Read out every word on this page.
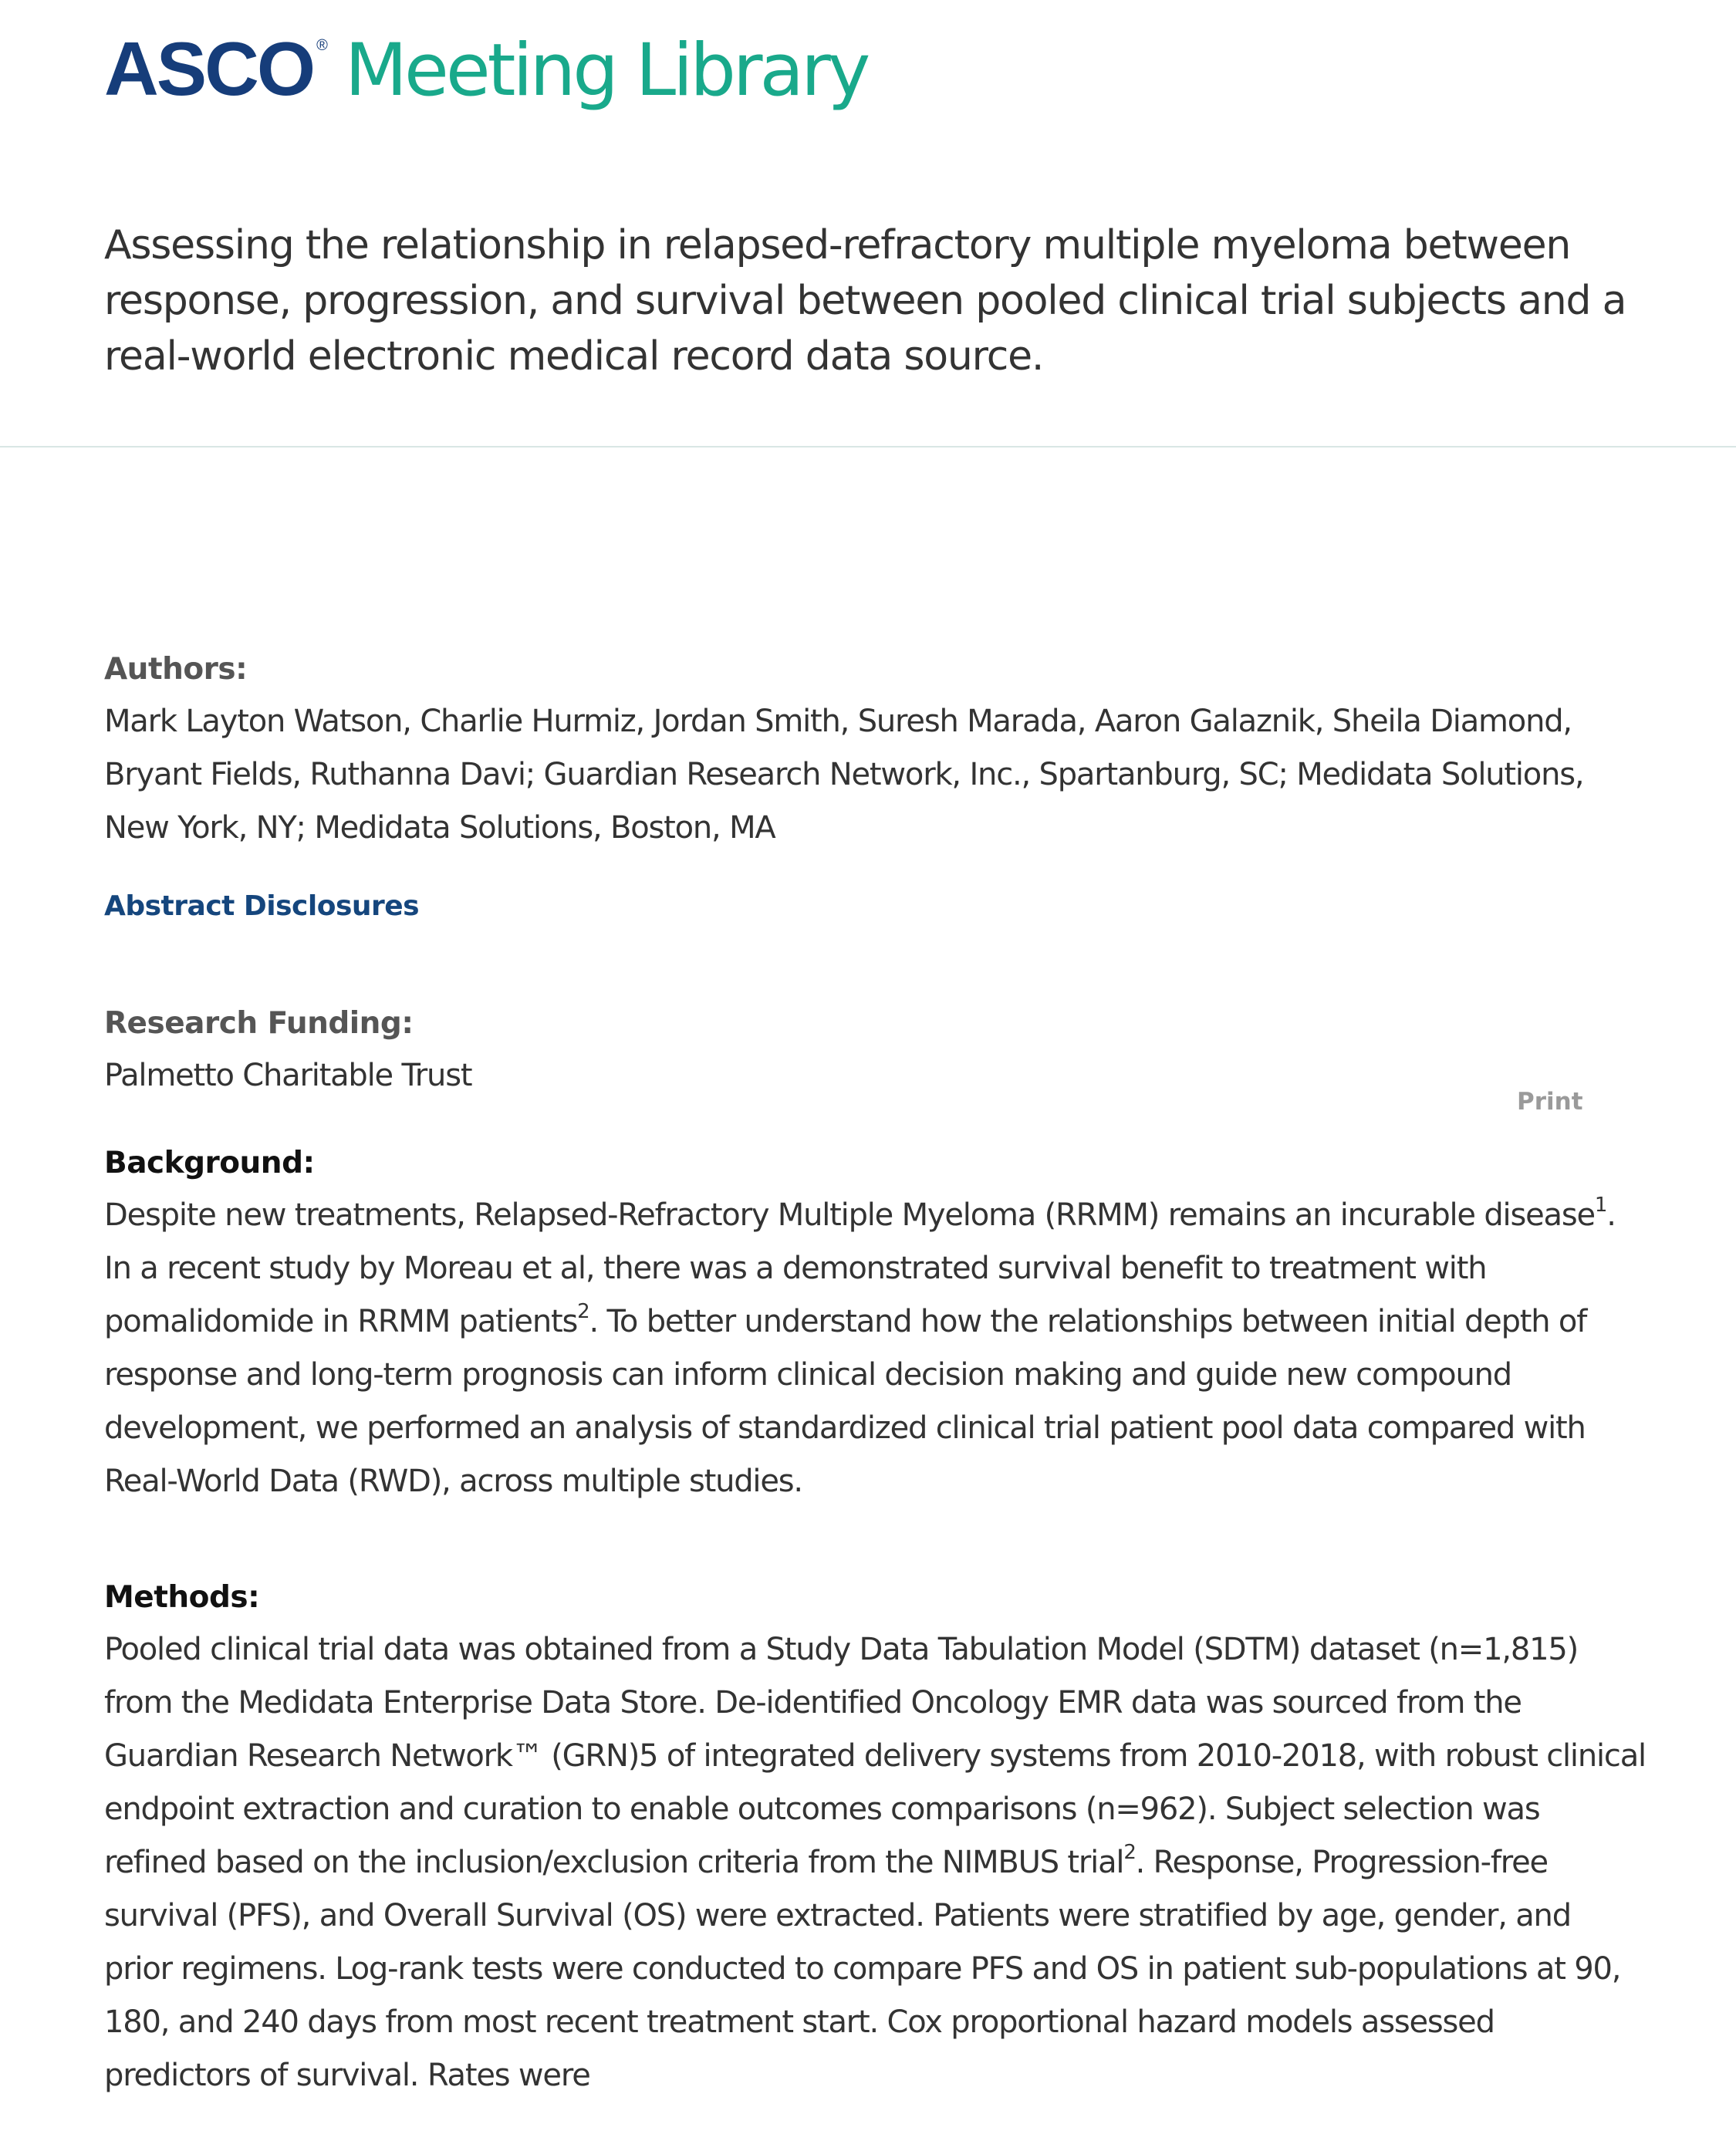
ASCO ® Meeting Library
Assessing the relationship in relapsed-refractory multiple myeloma between response, progression, and survival between pooled clinical trial subjects and a real-world electronic medical record data source.
Authors:
Mark Layton Watson, Charlie Hurmiz, Jordan Smith, Suresh Marada, Aaron Galaznik, Sheila Diamond, Bryant Fields, Ruthanna Davi; Guardian Research Network, Inc., Spartanburg, SC; Medidata Solutions, New York, NY; Medidata Solutions, Boston, MA
Abstract Disclosures
Research Funding:
Palmetto Charitable Trust
Print
Background:
Despite new treatments, Relapsed-Refractory Multiple Myeloma (RRMM) remains an incurable disease$^1$. In a recent study by Moreau et al, there was a demonstrated survival benefit to treatment with pomalidomide in RRMM patients$^2$. To better understand how the relationships between initial depth of response and long-term prognosis can inform clinical decision making and guide new compound development, we performed an analysis of standardized clinical trial patient pool data compared with Real-World Data (RWD), across multiple studies.
Methods:
Pooled clinical trial data was obtained from a Study Data Tabulation Model (SDTM) dataset (n=1,815) from the Medidata Enterprise Data Store. De-identified Oncology EMR data was sourced from the Guardian Research Network™ (GRN)5 of integrated delivery systems from 2010-2018, with robust clinical endpoint extraction and curation to enable outcomes comparisons (n=962). Subject selection was refined based on the inclusion/exclusion criteria from the NIMBUS trial$^2$. Response, Progression-free survival (PFS), and Overall Survival (OS) were extracted. Patients were stratified by age, gender, and prior regimens. Log-rank tests were conducted to compare PFS and OS in patient sub-populations at 90, 180, and 240 days from most recent treatment start. Cox proportional hazard models assessed predictors of survival. Rates were
